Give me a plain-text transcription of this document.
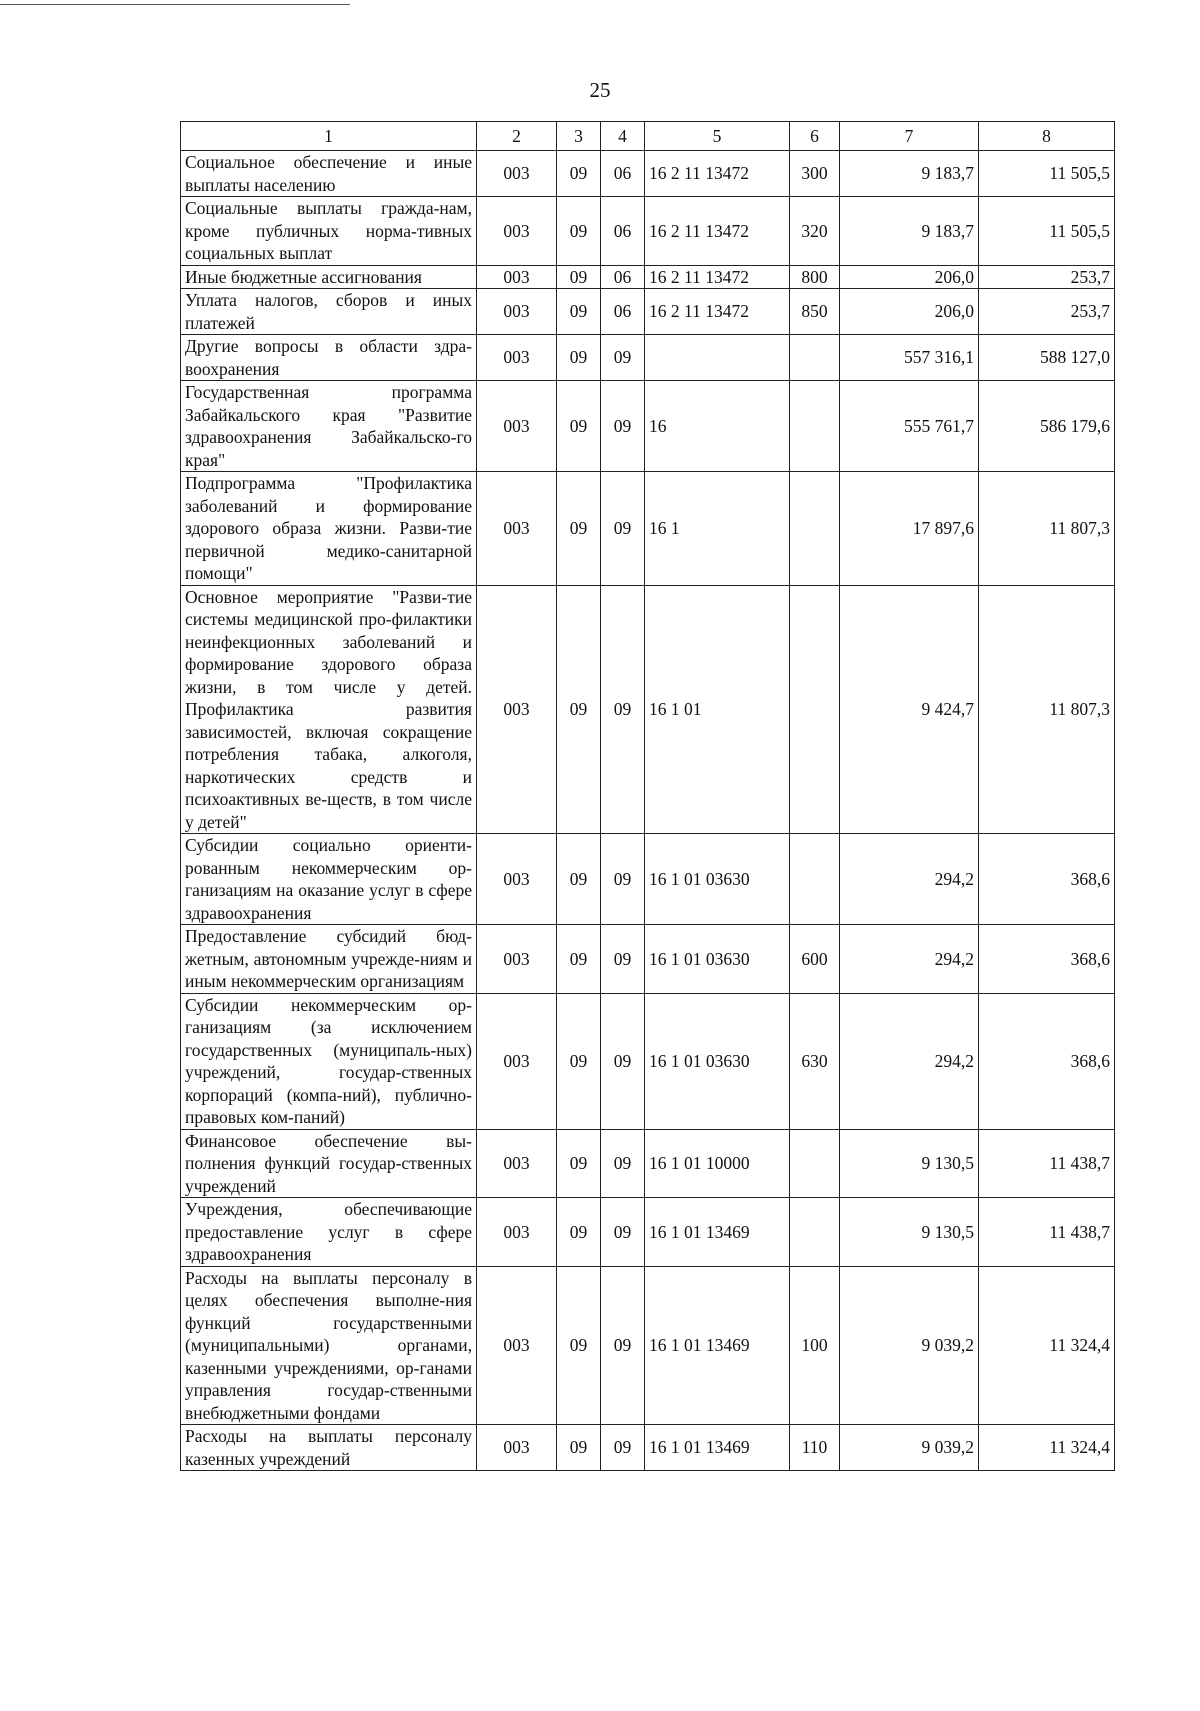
25
1	2	3	4	5	6	7	8
Социальное обеспечение и иные выплаты населению	003	09	06	16 2 11 13472	300	9 183,7	11 505,5
Социальные выплаты гражда-нам, кроме публичных норма-тивных социальных выплат	003	09	06	16 2 11 13472	320	9 183,7	11 505,5
Иные бюджетные ассигнования	003	09	06	16 2 11 13472	800	206,0	253,7
Уплата налогов, сборов и иных платежей	003	09	06	16 2 11 13472	850	206,0	253,7
Другие вопросы в области здра-воохранения	003	09	09			557 316,1	588 127,0
Государственная программа Забайкальского края "Развитие здравоохранения Забайкальско-го края"	003	09	09	16		555 761,7	586 179,6
Подпрограмма "Профилактика заболеваний и формирование здорового образа жизни. Разви-тие первичной медико-санитарной помощи"	003	09	09	16 1		17 897,6	11 807,3
Основное мероприятие "Разви-тие системы медицинской про-филактики неинфекционных заболеваний и формирование здорового образа жизни, в том числе у детей. Профилактика развития зависимостей, включая сокращение потребления табака, алкоголя, наркотических средств и психоактивных ве-ществ, в том числе у детей"	003	09	09	16 1 01		9 424,7	11 807,3
Субсидии социально ориенти-рованным некоммерческим ор-ганизациям на оказание услуг в сфере здравоохранения	003	09	09	16 1 01 03630		294,2	368,6
Предоставление субсидий бюд-жетным, автономным учрежде-ниям и иным некоммерческим организациям	003	09	09	16 1 01 03630	600	294,2	368,6
Субсидии некоммерческим ор-ганизациям (за исключением государственных (муниципаль-ных) учреждений, государ-ственных корпораций (компа-ний), публично-правовых ком-паний)	003	09	09	16 1 01 03630	630	294,2	368,6
Финансовое обеспечение вы-полнения функций государ-ственных учреждений	003	09	09	16 1 01 10000		9 130,5	11 438,7
Учреждения, обеспечивающие предоставление услуг в сфере здравоохранения	003	09	09	16 1 01 13469		9 130,5	11 438,7
Расходы на выплаты персоналу в целях обеспечения выполне-ния функций государственными (муниципальными) органами, казенными учреждениями, ор-ганами управления государ-ственными внебюджетными фондами	003	09	09	16 1 01 13469	100	9 039,2	11 324,4
Расходы на выплаты персоналу казенных учреждений	003	09	09	16 1 01 13469	110	9 039,2	11 324,4
